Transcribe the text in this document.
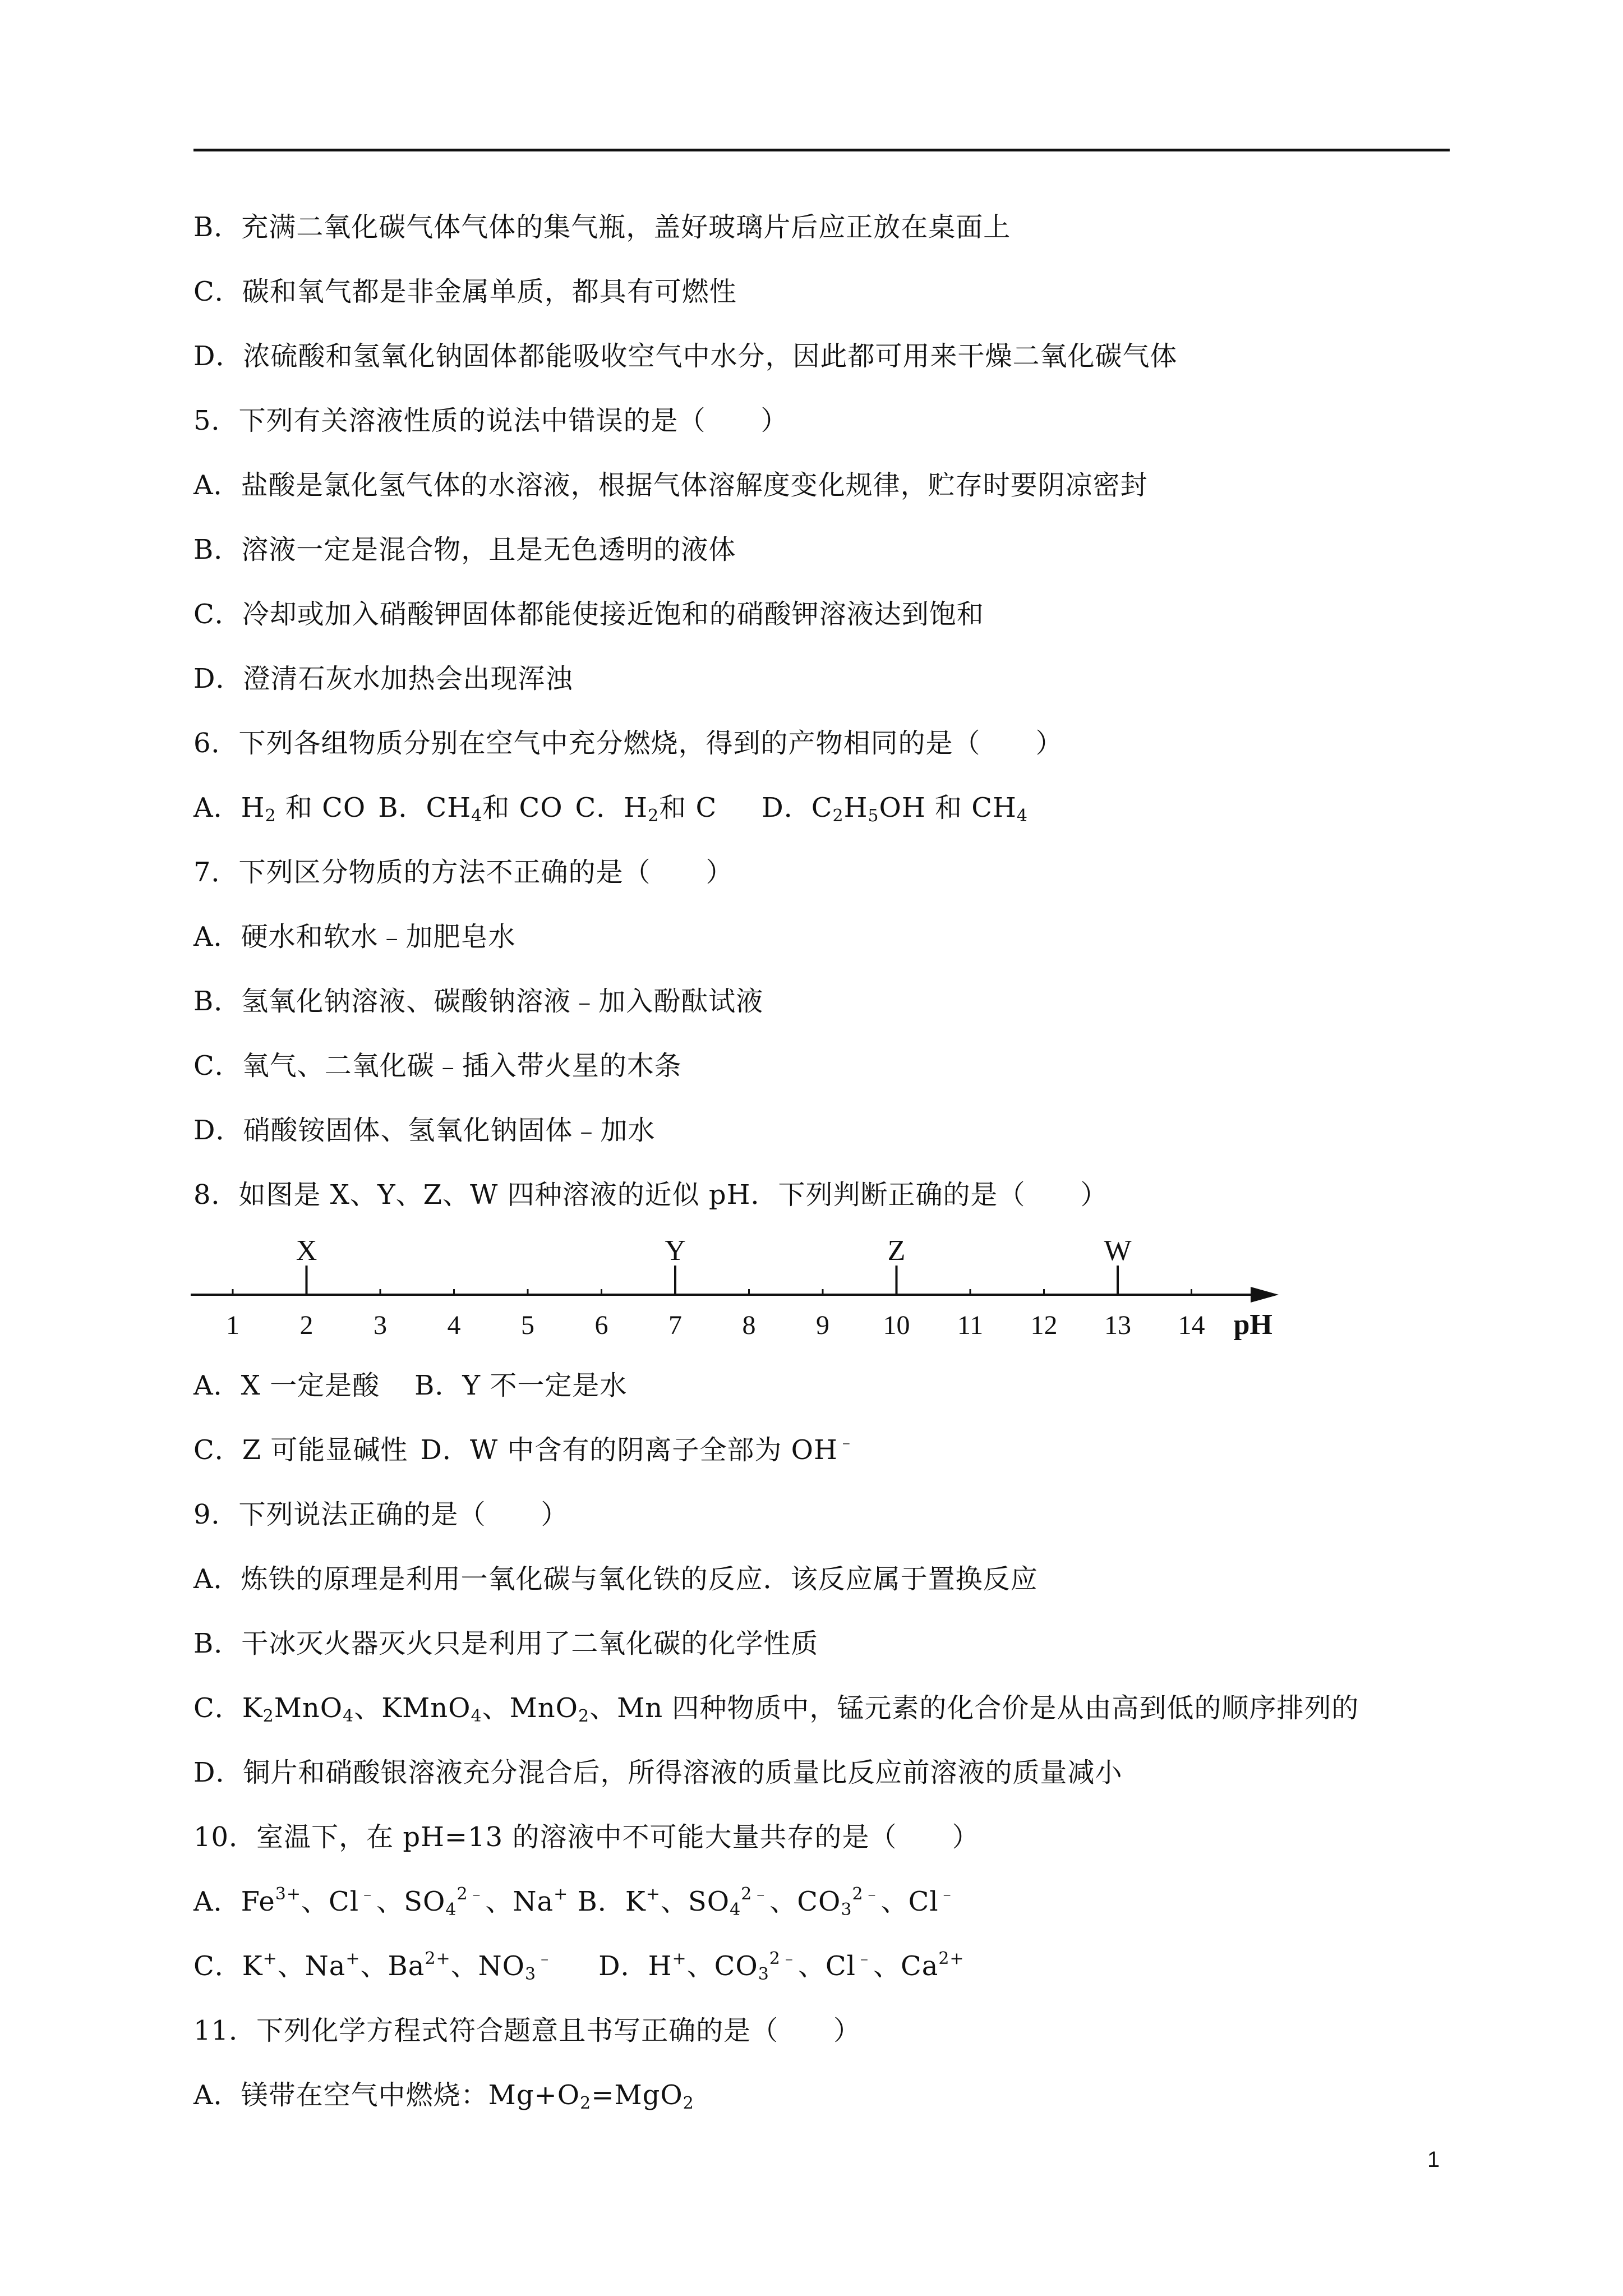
B．充满二氧化碳气体气体的集气瓶，盖好玻璃片后应正放在桌面上
C．碳和氧气都是非金属单质，都具有可燃性
D．浓硫酸和氢氧化钠固体都能吸收空气中水分，因此都可用来干燥二氧化碳气体
5．下列有关溶液性质的说法中错误的是（　　）
A．盐酸是氯化氢气体的水溶液，根据气体溶解度变化规律，贮存时要阴凉密封
B．溶液一定是混合物，且是无色透明的液体
C．冷却或加入硝酸钾固体都能使接近饱和的硝酸钾溶液达到饱和
D．澄清石灰水加热会出现浑浊
6．下列各组物质分别在空气中充分燃烧，得到的产物相同的是（　　）
A．$H_2$ 和 CO B．$CH_4$和 CO C．$H_2$和 C D．$C_2H_5OH$ 和 $CH_4$
7．下列区分物质的方法不正确的是（　　）
A．硬水和软水﹣加肥皂水
B．氢氧化钠溶液、碳酸钠溶液﹣加入酚酞试液
C．氧气、二氧化碳﹣插入带火星的木条
D．硝酸铵固体、氢氧化钠固体﹣加水
8．如图是 X、Y、Z、W 四种溶液的近似 pH．下列判断正确的是（　　）
1 2 3 4 5 6 7 8 9 10 11 12 13 14 pH
X	Y	Z	W
A．X 一定是酸 B．Y 不一定是水
C．Z 可能显碱性 D．W 中含有的阴离子全部为 OH﹣
9．下列说法正确的是（　　）
A．炼铁的原理是利用一氧化碳与氧化铁的反应．该反应属于置换反应
B．干冰灭火器灭火只是利用了二氧化碳的化学性质
C．$K_2MnO_4$、KMnO$_4$、MnO$_2$、Mn 四种物质中，锰元素的化合价是从由高到低的顺序排列的
D．铜片和硝酸银溶液充分混合后，所得溶液的质量比反应前溶液的质量减小
10．室温下，在 pH=13 的溶液中不可能大量共存的是（　　）
A．$Fe^{3+}$、Cl﹣、$SO_4^{2﹣}$、Na+ B．K+、$SO_4^{2﹣}$、$CO_3^{2﹣}$、Cl﹣
C．K+、Na+、$Ba^{2+}$、$NO_3^﹣$ D．H+、$CO_3^{2﹣}$、Cl﹣、$Ca^{2+}$
11．下列化学方程式符合题意且书写正确的是（　　）
A．镁带在空气中燃烧：$Mg+O_2=MgO_2$
1
